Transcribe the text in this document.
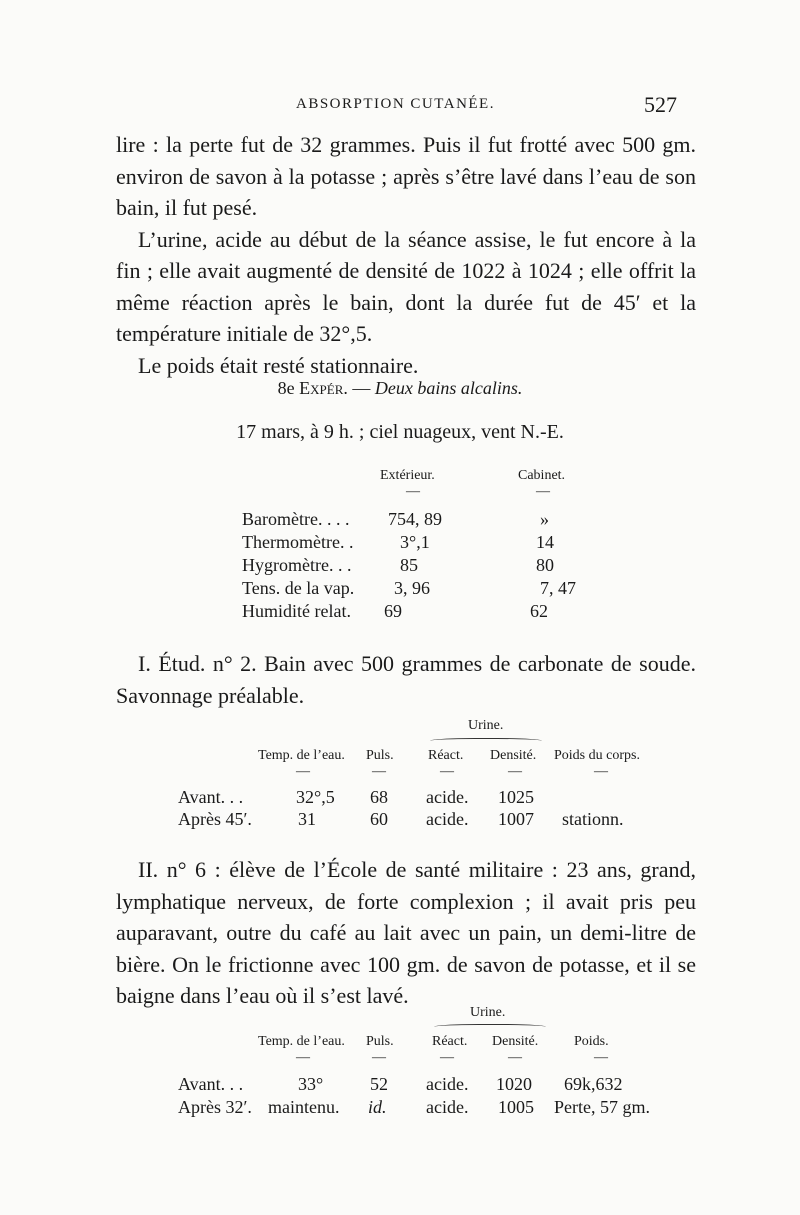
ABSORPTION CUTANÉE.	527

lire : la perte fut de 32 grammes. Puis il fut frotté avec 500 gm. environ de savon à la potasse ; après s’être lavé dans l’eau de son bain, il fut pesé.

L’urine, acide au début de la séance assise, le fut encore à la fin ; elle avait augmenté de densité de 1022 à 1024 ; elle offrit la même réaction après le bain, dont la durée fut de 45′ et la température initiale de 32°,5.

Le poids était resté stationnaire.

8e Expér. — Deux bains alcalins.
17 mars, à 9 h. ; ciel nuageux, vent N.-E.
Extérieur.	Cabinet.
—	—
Baromètre. . . . 754, 89	»
Thermomètre. .	3°,1	14
Hygromètre. . .	85	80
Tens. de la vap. 3, 96	7, 47
Humidité relat. 69	62

I. Étud. n° 2. Bain avec 500 grammes de carbonate de soude. Savonnage préalable.

Urine.
Temp. de l’eau. Puls. Réact. Densité. Poids du corps.
—	—	—	—	—
Avant. . .	32°,5 68 acide. 1025
Après 45′.	31	60 acide. 1007 stationn.

II. n° 6 : élève de l’École de santé militaire : 23 ans, grand, lymphatique nerveux, de forte complexion ; il avait pris peu auparavant, outre du café au lait avec un pain, un demi-litre de bière. On le frictionne avec 100 gm. de savon de potasse, et il se baigne dans l’eau où il s’est lavé.

Urine.
Temp. de l’eau. Puls.	Réact. Densité.	Poids.
—	—	—	—	—
Avant. . .	33°	52 acide. 1020 69k,632
Après 32′. maintenu. id. acide. 1005 Perte, 57 gm.
